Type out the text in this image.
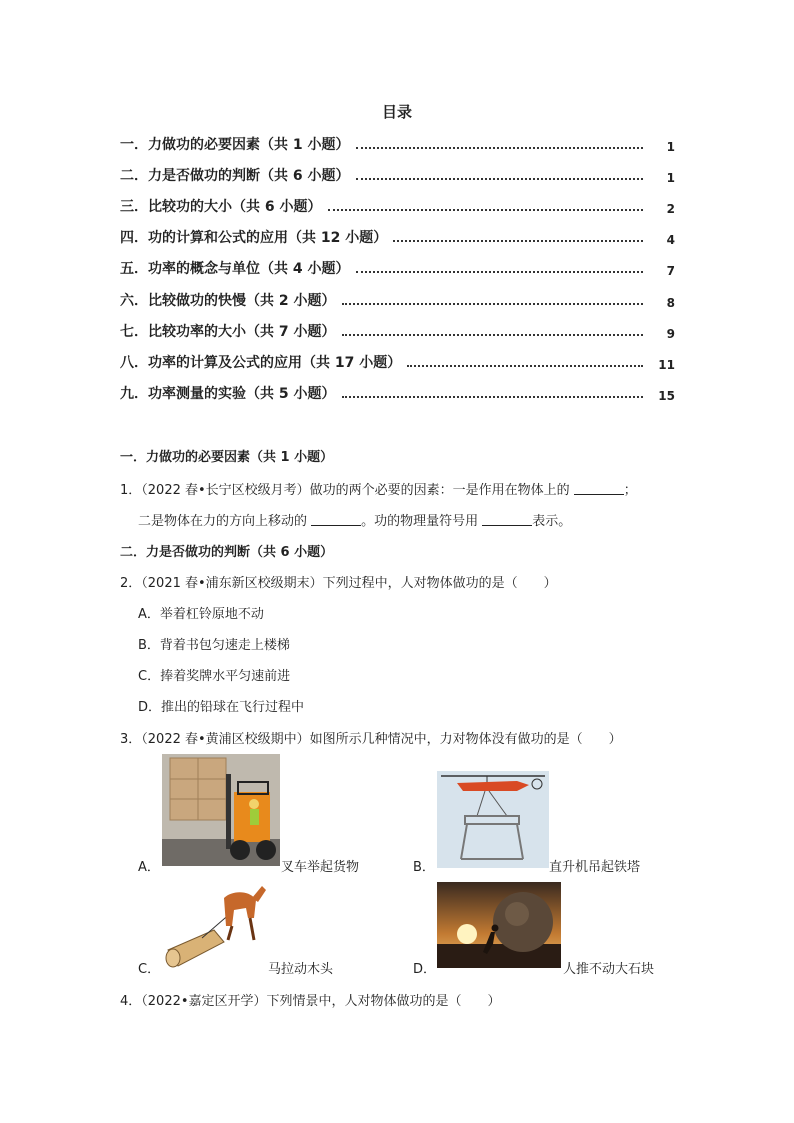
目录
一．力做功的必要因素（共 1 小题）	1
二．力是否做功的判断（共 6 小题）	1
三．比较功的大小（共 6 小题）	2
四．功的计算和公式的应用（共 12 小题）	4
五．功率的概念与单位（共 4 小题）	7
六．比较做功的快慢（共 2 小题）	8
七．比较功率的大小（共 7 小题）	9
八．功率的计算及公式的应用（共 17 小题）	11
九．功率测量的实验（共 5 小题）	15
一．力做功的必要因素（共 1 小题）
1．（2022 春•长宁区校级月考）做功的两个必要的因素：一是作用在物体上的	；
二是物体在力的方向上移动的	。功的物理量符号用	表示。
二．力是否做功的判断（共 6 小题）
2．（2021 春•浦东新区校级期末）下列过程中，人对物体做功的是（　　）
A．举着杠铃原地不动
B．背着书包匀速走上楼梯
C．捧着奖牌水平匀速前进
D．推出的铅球在飞行过程中
3．（2022 春•黄浦区校级期中）如图所示几种情况中，力对物体没有做功的是（　　）
A．	叉车举起货物	B．	直升机吊起铁塔
C．	马拉动木头	D．	人推不动大石块
4．（2022•嘉定区开学）下列情景中，人对物体做功的是（　　）
